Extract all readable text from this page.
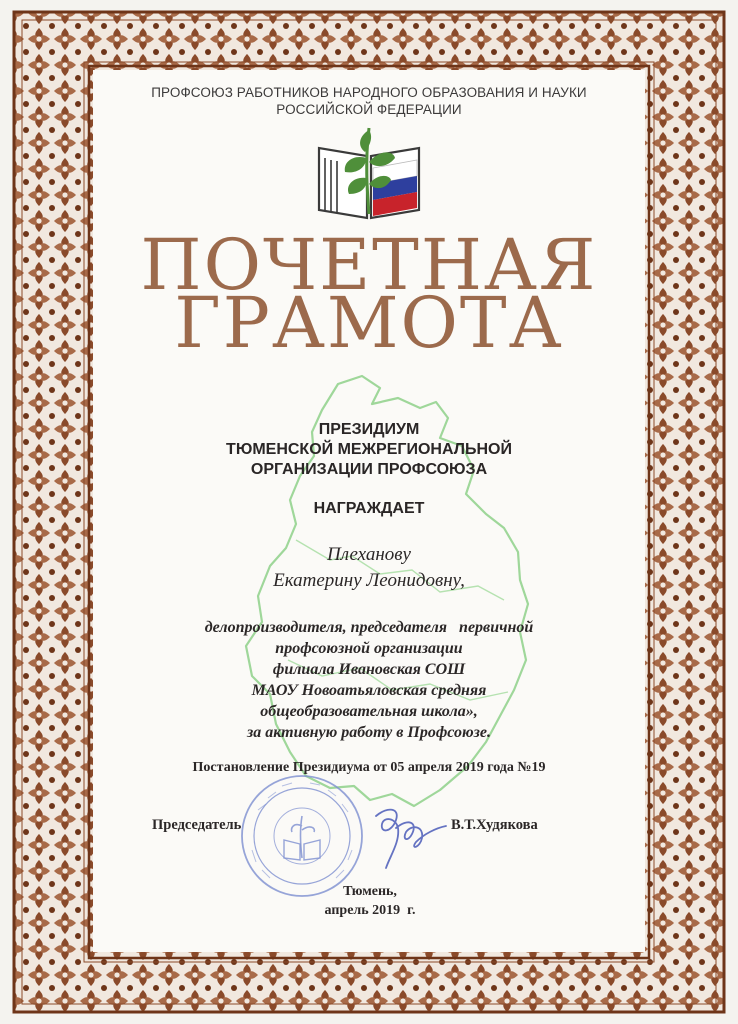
ПРОФСОЮЗ РАБОТНИКОВ НАРОДНОГО ОБРАЗОВАНИЯ И НАУКИ
РОССИЙСКОЙ ФЕДЕРАЦИИ
ПОЧЕТНАЯ
ГРАМОТА
ПРЕЗИДИУМ
ТЮМЕНСКОЙ МЕЖРЕГИОНАЛЬНОЙ
ОРГАНИЗАЦИИ ПРОФСОЮЗА
НАГРАЖДАЕТ
Плехановy
Екатерину Леонидовну,
делопроизводителя, председателя   первичной
профсоюзной организации
филиала Ивановская СОШ
МАОУ Новоатьяловская средняя
общеобразовательная школа»,
за активную работу в Профсоюзе.
Постановление Президиума от 05 апреля 2019 года №19
Председатель	В.Т.Худякова
Тюмень,
апрель 2019  г.
